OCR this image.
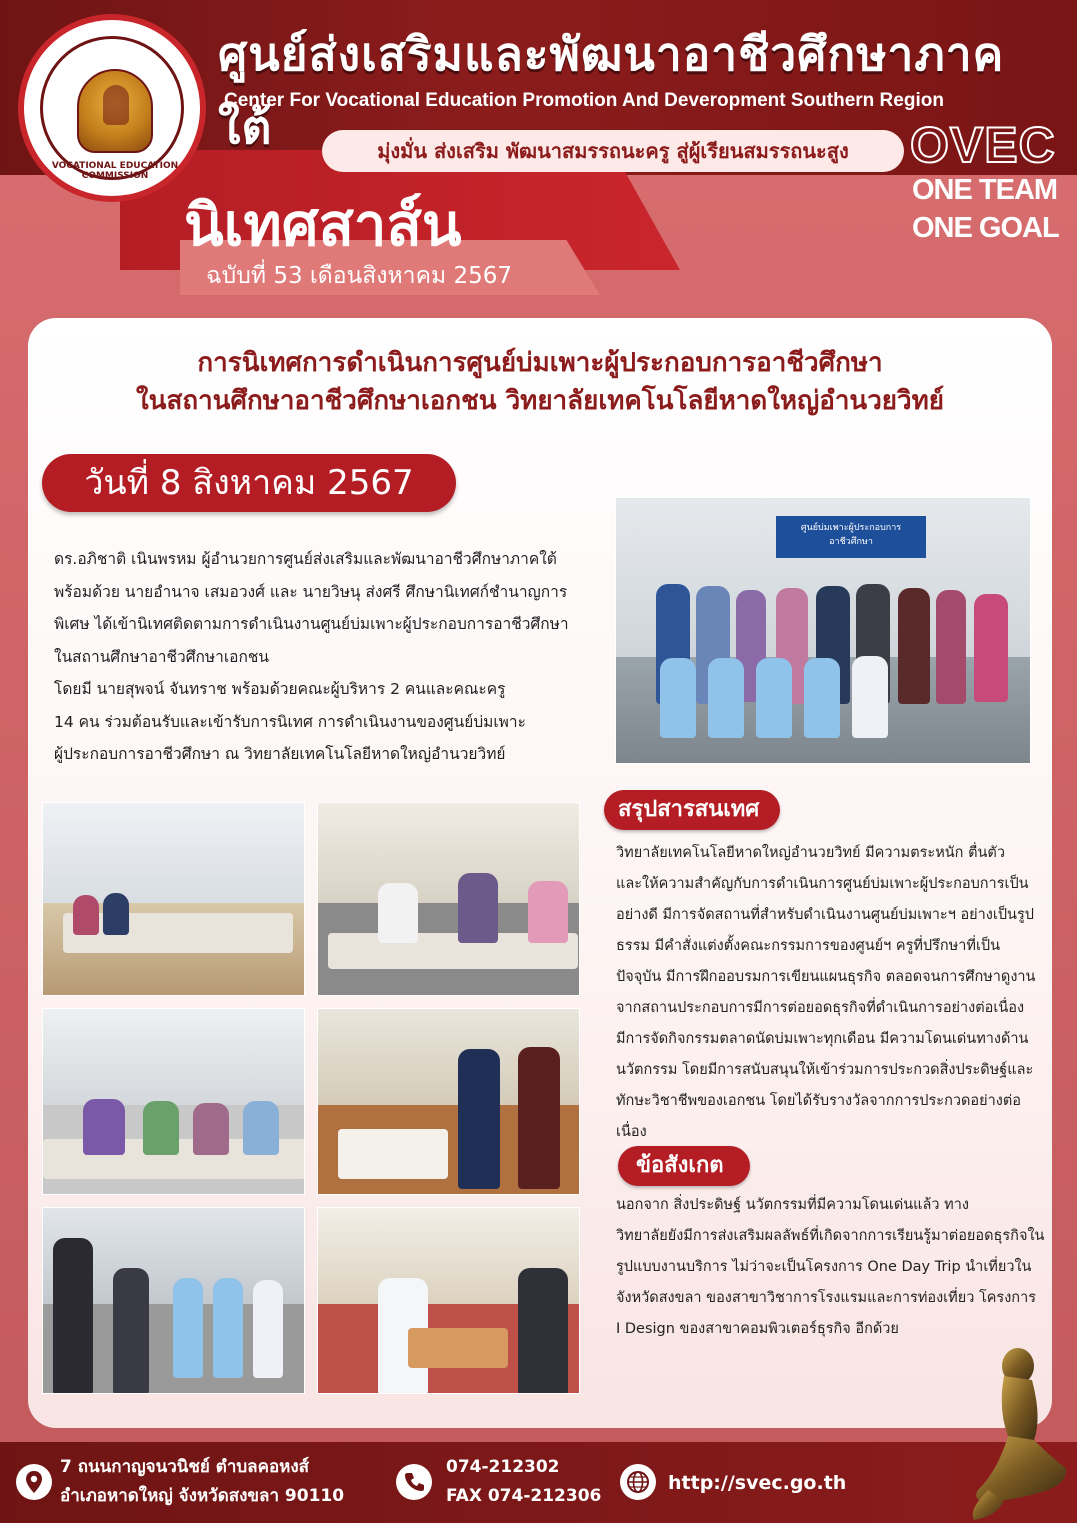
VOCATIONAL EDUCATION COMMISSION
ศูนย์ส่งเสริมและพัฒนาอาชีวศึกษาภาคใต้
Center For Vocational Education Promotion And Deverop​ment Southern Region
มุ่งมั่น ส่งเสริม พัฒนาสมรรถนะครู สู่ผู้เรียนสมรรถนะสูง	OVEC
ONE TEAM
ONE GOAL
นิเทศสาส์น
ฉบับที่ 53 เดือนสิงหาคม 2567
การนิเทศการดำเนินการศูนย์บ่มเพาะผู้ประกอบการอาชีวศึกษา
ในสถานศึกษาอาชีวศึกษาเอกชน วิทยาลัยเทคโนโลยีหาดใหญ่อำนวยวิทย์
วันที่ 8 สิงหาคม 2567

ดร.อภิชาติ เนินพรหม ผู้อำนวยการศูนย์ส่งเสริมและพัฒนาอาชีวศึกษาภาคใต้

พร้อมด้วย นายอำนาจ เสมอวงศ์ และ นายวิษนุ ส่งศรี ศึกษานิเทศก์ชำนาญการ

พิเศษ ได้เข้านิเทศติดตามการดำเนินงานศูนย์บ่มเพาะผู้ประกอบการอาชีวศึกษา

ในสถานศึกษาอาชีวศึกษาเอกชน

โดยมี นายสุพจน์ จันทราช พร้อมด้วยคณะผู้บริหาร 2 คนและคณะครู

14 คน ร่วมต้อนรับและเข้ารับการนิเทศ การดำเนินงานของศูนย์บ่มเพาะ

ผู้ประกอบการอาชีวศึกษา ณ วิทยาลัยเทคโนโลยีหาดใหญ่อำนวยวิทย์

ศูนย์บ่มเพาะผู้ประกอบการอาชีวศึกษา
สรุปสารสนเทศ

วิทยาลัยเทคโนโลยีหาดใหญ่อำนวยวิทย์ มีความตระหนัก ตื่นตัว

และให้ความสำคัญกับการดำเนินการศูนย์บ่มเพาะผู้ประกอบการเป็น

อย่างดี มีการจัดสถานที่สำหรับดำเนินงานศูนย์บ่มเพาะฯ อย่างเป็นรูป

ธรรม มีคำสั่งแต่งตั้งคณะกรรมการของศูนย์ฯ ครูที่ปรึกษาที่เป็น

ปัจจุบัน มีการฝึกออบรมการเขียนแผนธุรกิจ ตลอดจนการศึกษาดูงาน

จากสถานประกอบการมีการต่อยอดธุรกิจที่ดำเนินการอย่างต่อเนื่อง

มีการจัดกิจกรรมตลาดนัดบ่มเพาะทุกเดือน มีความโดนเด่นทางด้าน

นวัตกรรม โดยมีการสนับสนุนให้เข้าร่วมการประกวดสิ่งประดิษฐ์และ

ทักษะวิชาชีพของเอกชน โดยได้รับรางวัลจากการประกวดอย่างต่อ

เนื่อง

ข้อสังเกต

นอกจาก สิ่งประดิษฐ์ นวัตกรรมที่มีความโดนเด่นแล้ว ทาง

วิทยาลัยยังมีการส่งเสริมผลลัพธ์ที่เกิดจากการเรียนรู้มาต่อยอดธุรกิจใน

รูปแบบงานบริการ ไม่ว่าจะเป็นโครงการ One Day Trip นำเที่ยวใน

จังหวัดสงขลา ของสาขาวิชาการโรงแรมและการท่องเที่ยว โครงการ

I Design ของสาขาคอมพิวเตอร์ธุรกิจ อีกด้วย

7 ถนนกาญจนวนิชย์ ตำบลคอหงส์
อำเภอหาดใหญ่ จังหวัดสงขลา 90110
074-212302
FAX 074-212306
http://svec.go.th
